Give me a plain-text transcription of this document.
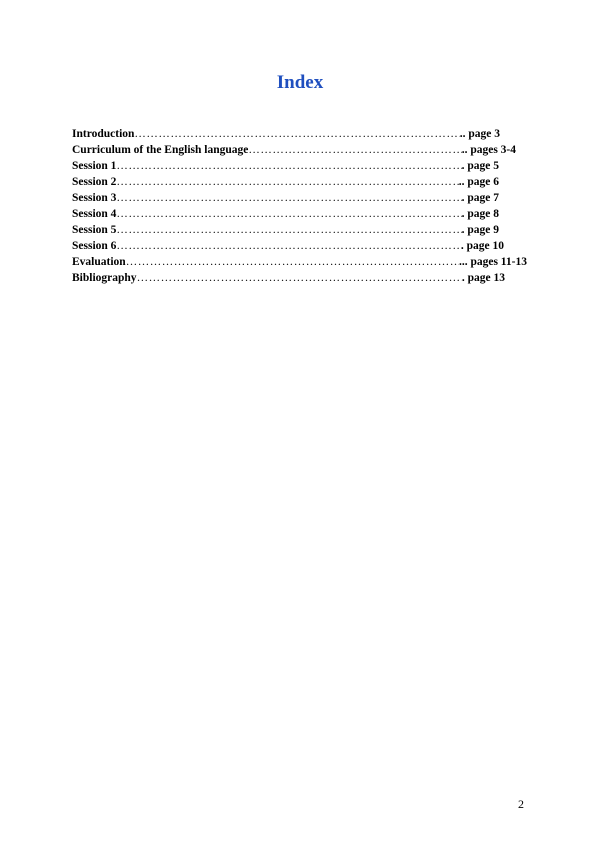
Index
Introduction …………………………………………………………………………………………………………………………………………………………	.. page 3
Curriculum of the English language …………………………………………………………………………………………………………………………………………………………	.. pages 3-4
Session 1 …………………………………………………………………………………………………………………………………………………………	. page 5
Session 2 …………………………………………………………………………………………………………………………………………………………	.. page 6
Session 3 …………………………………………………………………………………………………………………………………………………………	. page 7
Session 4 …………………………………………………………………………………………………………………………………………………………	. page 8
Session 5 …………………………………………………………………………………………………………………………………………………………	. page 9
Session 6 …………………………………………………………………………………………………………………………………………………………	. page 10
Evaluation …………………………………………………………………………………………………………………………………………………………	... pages 11-13
Bibliography …………………………………………………………………………………………………………………………………………………………	. page 13

2
